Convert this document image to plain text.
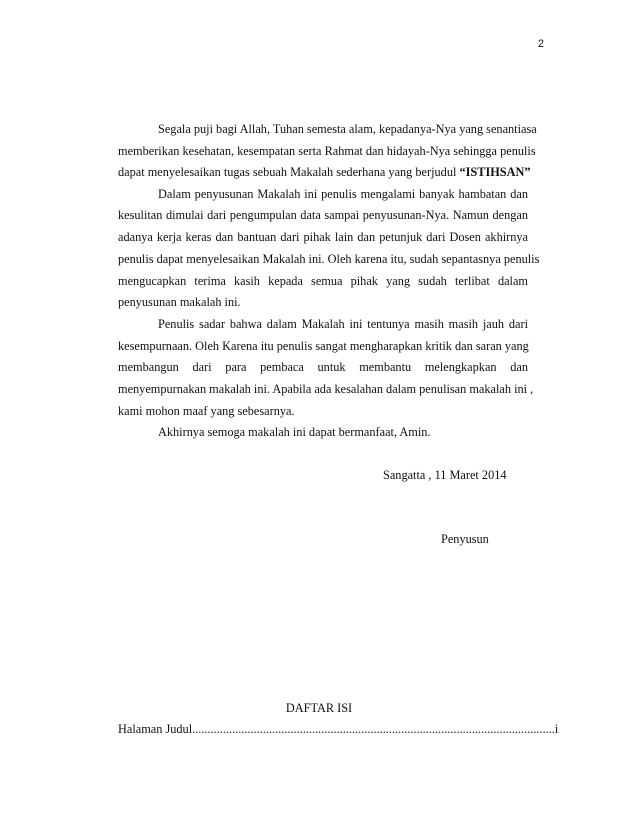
2
Segala puji bagi Allah, Tuhan semesta alam, kepadanya-Nya yang senantiasa
memberikan kesehatan, kesempatan serta Rahmat dan hidayah-Nya sehingga penulis
dapat menyelesaikan tugas sebuah Makalah sederhana yang berjudul “ISTIHSAN”
Dalam penyusunan Makalah ini penulis mengalami banyak hambatan dan
kesulitan dimulai dari pengumpulan data sampai penyusunan-Nya. Namun dengan
adanya kerja keras dan bantuan dari pihak lain dan petunjuk dari Dosen akhirnya
penulis dapat menyelesaikan Makalah ini. Oleh karena itu, sudah sepantasnya penulis
mengucapkan terima kasih kepada semua pihak yang sudah terlibat dalam
penyusunan makalah ini.
Penulis sadar bahwa dalam Makalah ini tentunya masih masih jauh dari
kesempurnaan. Oleh Karena itu penulis sangat mengharapkan kritik dan saran yang
membangun dari para pembaca untuk membantu melengkapkan dan
menyempurnakan makalah ini. Apabila ada kesalahan dalam penulisan makalah ini ,
kami mohon maaf yang sebesarnya.
Akhirnya semoga makalah ini dapat bermanfaat, Amin.
Sangatta , 11 Maret 2014
Penyusun
DAFTAR ISI
Halaman Judul ...................................................................................................................... i
